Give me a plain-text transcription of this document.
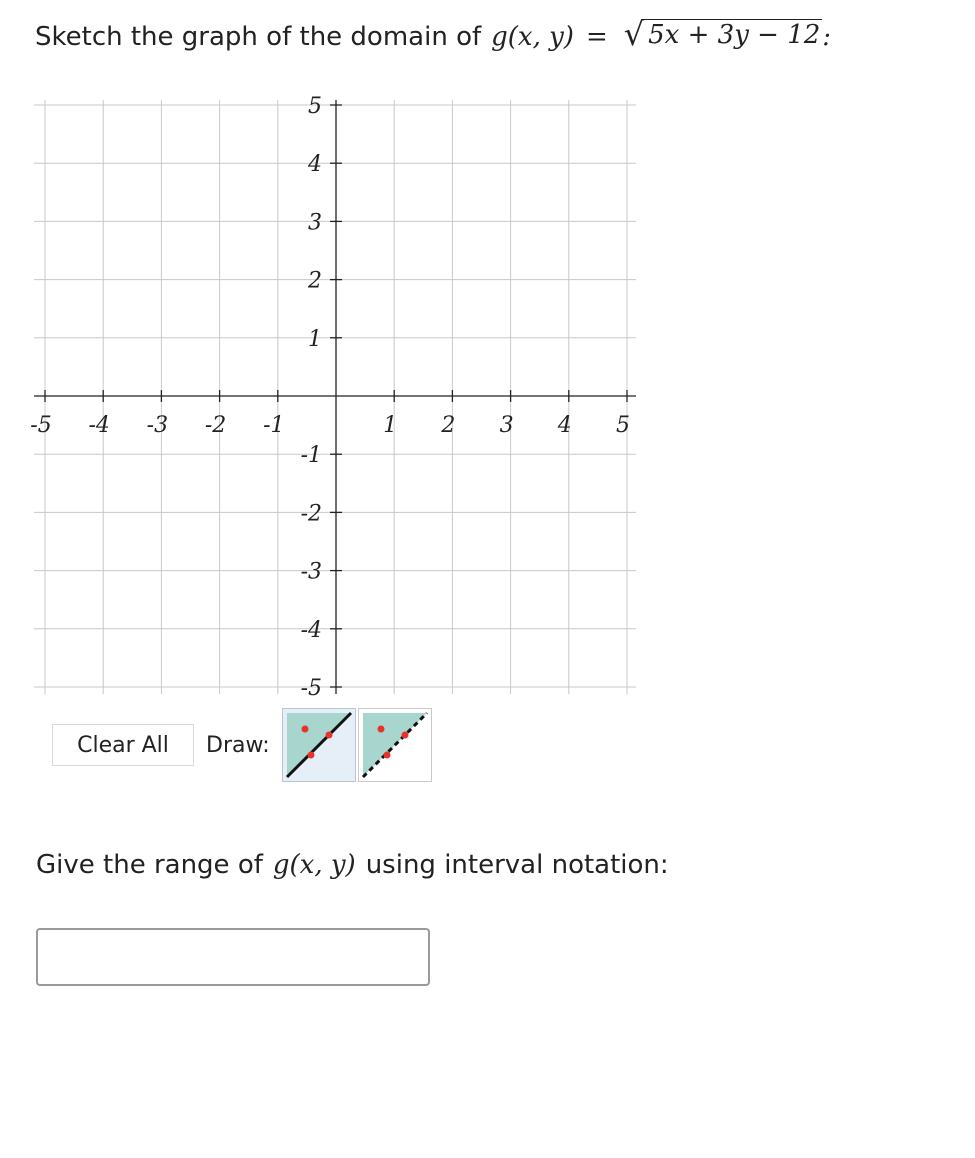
Sketch the graph of the domain of g(x, y) = √ 5x + 3y − 12 :
-5 -4 -3 -2 -1	1 2 3 4 5
5
4
3
2
1
-1
-2
-3
-4
-5
Clear All	Draw:
Give the range of g(x, y) using interval notation:
